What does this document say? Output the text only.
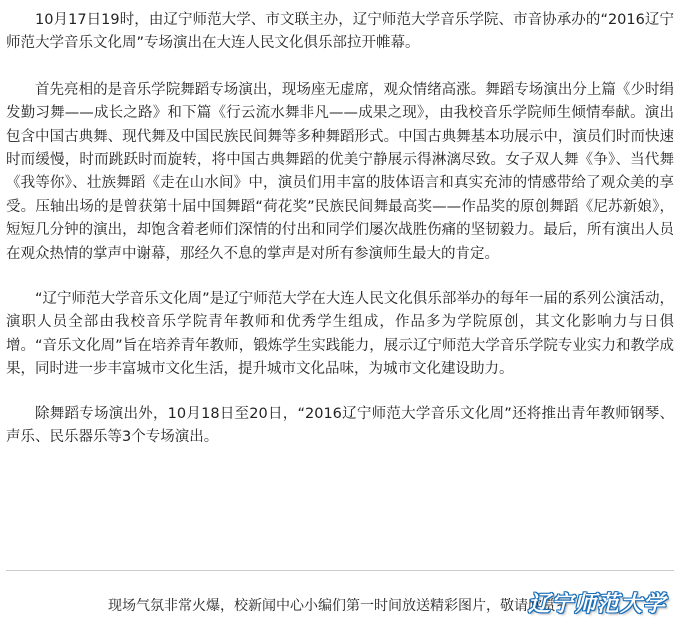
10月17日19时，由辽宁师范大学、市文联主办，辽宁师范大学音乐学院、市音协承办的“2016辽宁师范大学音乐文化周”专场演出在大连人民文化俱乐部拉开帷幕。

首先亮相的是音乐学院舞蹈专场演出，现场座无虚席，观众情绪高涨。舞蹈专场演出分上篇《少时绢发勤习舞——成长之路》和下篇《行云流水舞非凡——成果之现》，由我校音乐学院师生倾情奉献。演出包含中国古典舞、现代舞及中国民族民间舞等多种舞蹈形式。中国古典舞基本功展示中，演员们时而快速时而缓慢，时而跳跃时而旋转，将中国古典舞蹈的优美宁静展示得淋漓尽致。女子双人舞《争》、当代舞《我等你》、壮族舞蹈《走在山水间》中，演员们用丰富的肢体语言和真实充沛的情感带给了观众美的享受。压轴出场的是曾获第十届中国舞蹈“荷花奖”民族民间舞最高奖——作品奖的原创舞蹈《尼苏新娘》，短短几分钟的演出，却饱含着老师们深情的付出和同学们屡次战胜伤痛的坚韧毅力。最后，所有演出人员在观众热情的掌声中谢幕，那经久不息的掌声是对所有参演师生最大的肯定。

“辽宁师范大学音乐文化周”是辽宁师范大学在大连人民文化俱乐部举办的每年一届的系列公演活动，演职人员全部由我校音乐学院青年教师和优秀学生组成，作品多为学院原创，其文化影响力与日俱增。“音乐文化周”旨在培养青年教师，锻炼学生实践能力，展示辽宁师范大学音乐学院专业实力和教学成果，同时进一步丰富城市文化生活，提升城市文化品味，为城市文化建设助力。

除舞蹈专场演出外，10月18日至20日，“2016辽宁师范大学音乐文化周”还将推出青年教师钢琴、声乐、民乐器乐等3个专场演出。

现场气氛非常火爆，校新闻中心小编们第一时间放送精彩图片，敬请欣赏~

辽宁师范大学
